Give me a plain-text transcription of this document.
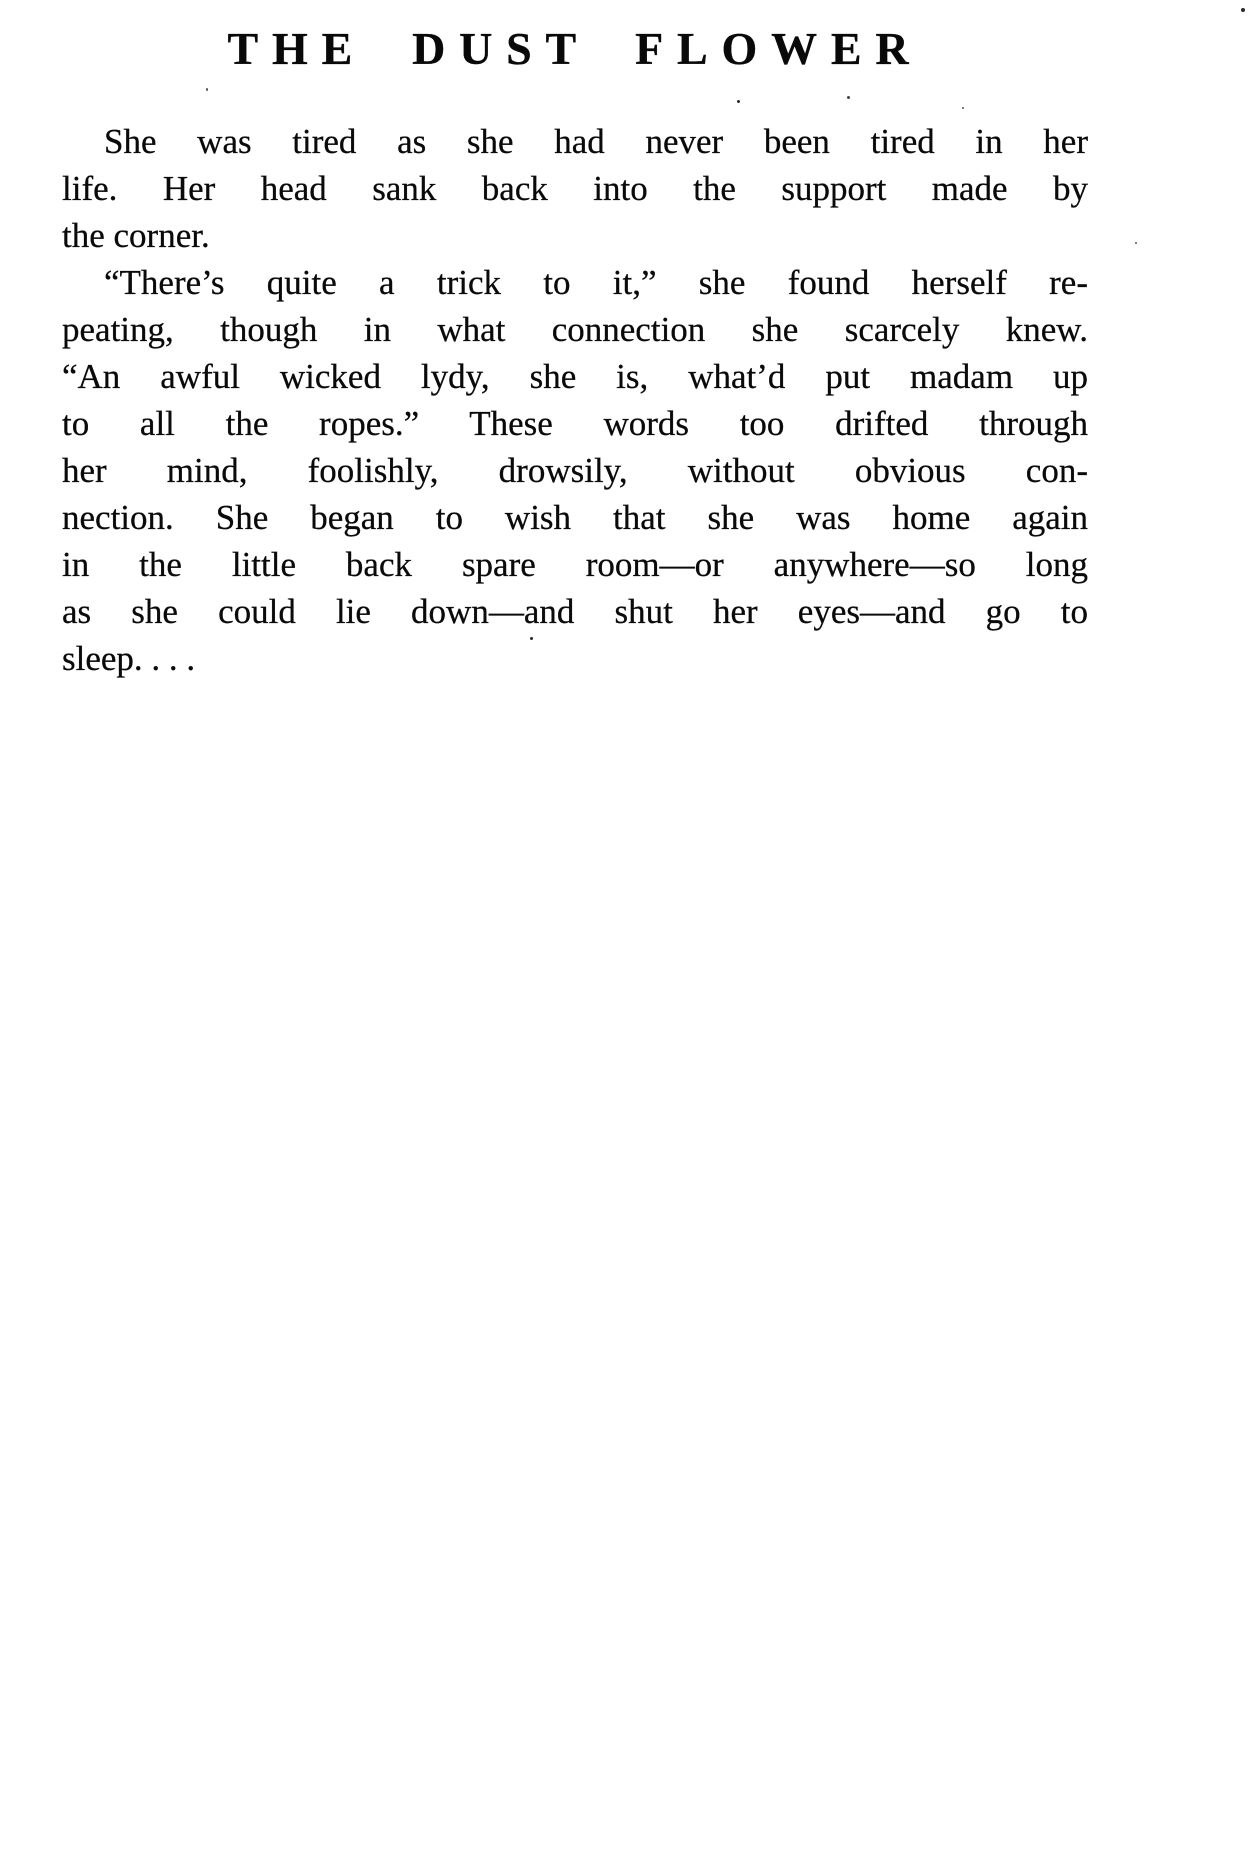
THE DUST FLOWER
She was tired as she had never been tired in her
life. Her head sank back into the support made by
the corner.
“There’s quite a trick to it,” she found herself re-
peating, though in what connection she scarcely knew.
“An awful wicked lydy, she is, what’d put madam up
to all the ropes.” These words too drifted through
her mind, foolishly, drowsily, without obvious con-
nection. She began to wish that she was home again
in the little back spare room—or anywhere—so long
as she could lie down—and shut her eyes—and go to
sleep. . . .
